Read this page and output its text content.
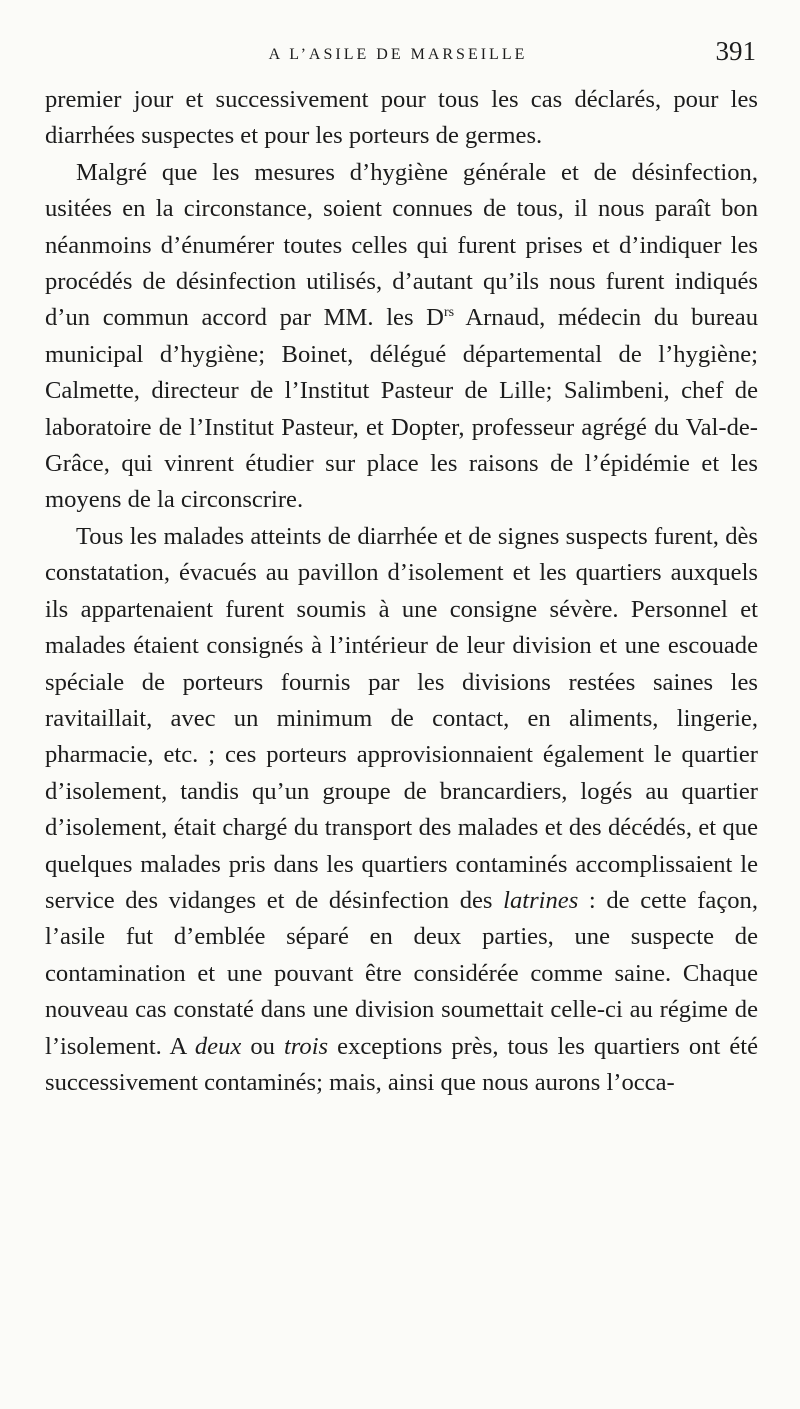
A L’ASILE DE MARSEILLE	391

premier jour et successivement pour tous les cas déclarés, pour les diarrhées suspectes et pour les porteurs de germes.

Malgré que les mesures d’hygiène générale et de désinfection, usitées en la circonstance, soient connues de tous, il nous paraît bon néanmoins d’énumérer toutes celles qui furent prises et d’indiquer les procédés de désinfection utilisés, d’autant qu’ils nous furent indiqués d’un commun accord par MM. les $D^{rs}$ Arnaud, médecin du bureau municipal d’hygiène; Boinet, délégué départemental de l’hygiène; Calmette, directeur de l’Institut Pasteur de Lille; Salimbeni, chef de laboratoire de l’Institut Pasteur, et Dopter, professeur agrégé du Val-de-Grâce, qui vinrent étudier sur place les raisons de l’épidémie et les moyens de la circonscrire.

Tous les malades atteints de diarrhée et de signes suspects furent, dès constatation, évacués au pavillon d’isolement et les quartiers auxquels ils appartenaient furent soumis à une consigne sévère. Personnel et malades étaient consignés à l’intérieur de leur division et une escouade spéciale de porteurs fournis par les divisions restées saines les ravitaillait, avec un minimum de contact, en aliments, lingerie, pharmacie, etc. ; ces porteurs approvisionnaient également le quartier d’isolement, tandis qu’un groupe de brancardiers, logés au quartier d’isolement, était chargé du transport des malades et des décédés, et que quelques malades pris dans les quartiers contaminés accomplissaient le service des vidanges et de désinfection des latrines : de cette façon, l’asile fut d’emblée séparé en deux parties, une suspecte de contamination et une pouvant être considérée comme saine. Chaque nouveau cas constaté dans une division soumettait celle-ci au régime de l’isolement. A deux ou trois exceptions près, tous les quartiers ont été successivement contaminés; mais, ainsi que nous aurons l’occa-
